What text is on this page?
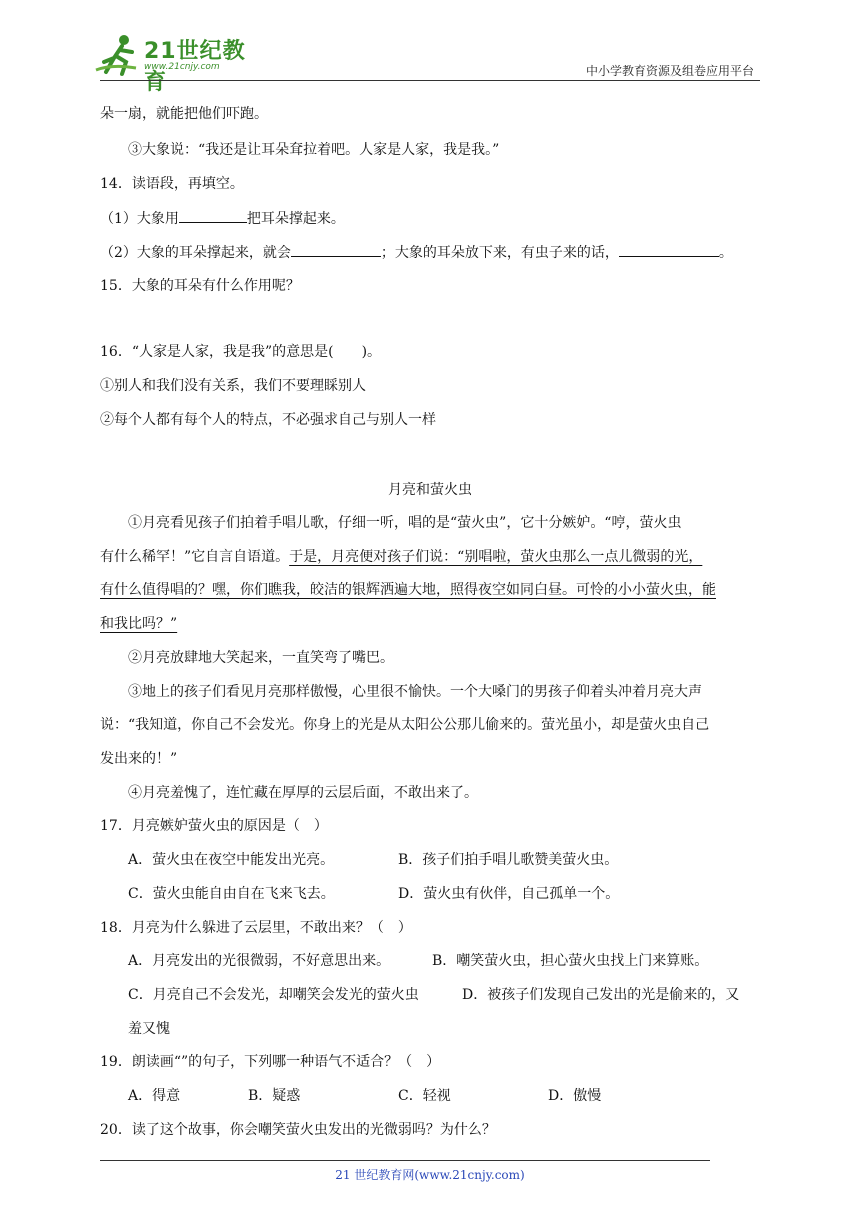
21世纪教育
www.21cnjy.com	中小学教育资源及组卷应用平台
朵一扇，就能把他们吓跑。
③大象说：“我还是让耳朵耷拉着吧。人家是人家，我是我。”
14．读语段，再填空。
（1）大象用	把耳朵撑起来。
（2）大象的耳朵撑起来，就会	；大象的耳朵放下来，有虫子来的话，	。
15．大象的耳朵有什么作用呢？
16．“人家是人家，我是我”的意思是(　　)。
①别人和我们没有关系，我们不要理睬别人
②每个人都有每个人的特点，不必强求自己与别人一样
月亮和萤火虫
①月亮看见孩子们拍着手唱儿歌，仔细一听，唱的是“萤火虫”，它十分嫉妒。“哼，萤火虫
有什么稀罕！”它自言自语道。于是，月亮便对孩子们说：“别唱啦，萤火虫那么一点儿微弱的光，
有什么值得唱的？嘿，你们瞧我，皎洁的银辉洒遍大地，照得夜空如同白昼。可怜的小小萤火虫，能
和我比吗？”
②月亮放肆地大笑起来，一直笑弯了嘴巴。
③地上的孩子们看见月亮那样傲慢，心里很不愉快。一个大嗓门的男孩子仰着头冲着月亮大声
说：“我知道，你自己不会发光。你身上的光是从太阳公公那儿偷来的。萤光虽小，却是萤火虫自己
发出来的！”
④月亮羞愧了，连忙藏在厚厚的云层后面，不敢出来了。
17．月亮嫉妒萤火虫的原因是（　）
A．萤火虫在夜空中能发出光亮。	B．孩子们拍手唱儿歌赞美萤火虫。
C．萤火虫能自由自在飞来飞去。	D．萤火虫有伙伴，自己孤单一个。
18．月亮为什么躲进了云层里，不敢出来？（　）
A．月亮发出的光很微弱，不好意思出来。	B．嘲笑萤火虫，担心萤火虫找上门来算账。
C．月亮自己不会发光，却嘲笑会发光的萤火虫	D．被孩子们发现自己发出的光是偷来的，又
羞又愧
19．朗读画“”的句子，下列哪一种语气不适合？（　）
A．得意	B．疑惑	C．轻视	D．傲慢
20．读了这个故事，你会嘲笑萤火虫发出的光微弱吗？为什么？
21 世纪教育网(www.21cnjy.com)
